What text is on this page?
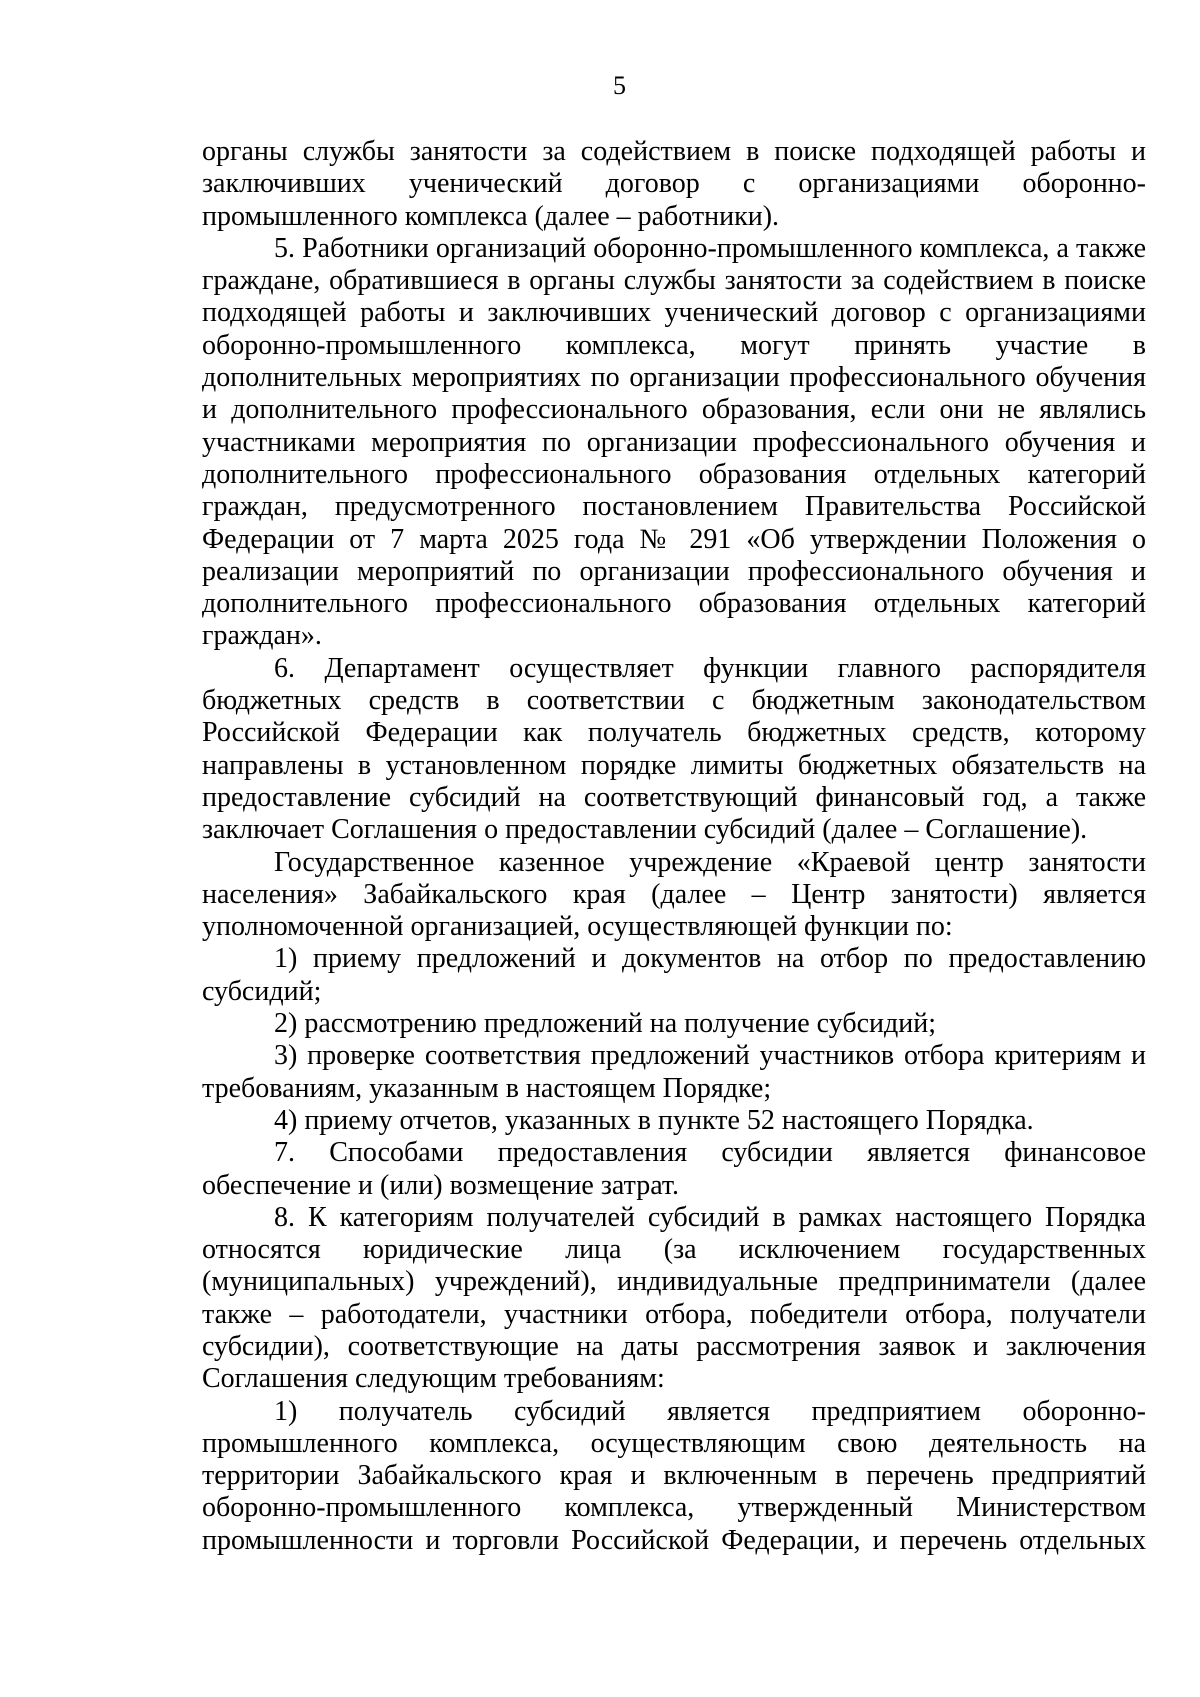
5

органы службы занятости за содействием в поиске подходящей работы и заключивших ученический договор с организациями оборонно-промышленного комплекса (далее – работники).

5. Работники организаций оборонно-промышленного комплекса, а также граждане, обратившиеся в органы службы занятости за содействием в поиске подходящей работы и заключивших ученический договор с организациями оборонно-промышленного комплекса, могут принять участие в дополнительных мероприятиях по организации профессионального обучения и дополнительного профессионального образования, если они не являлись участниками мероприятия по организации профессионального обучения и дополнительного профессионального образования отдельных категорий граждан, предусмотренного постановлением Правительства Российской Федерации от 7 марта 2025 года № 291 «Об утверждении Положения о реализации мероприятий по организации профессионального обучения и дополнительного профессионального образования отдельных категорий граждан».

6. Департамент осуществляет функции главного распорядителя бюджетных средств в соответствии с бюджетным законодательством Российской Федерации как получатель бюджетных средств, которому направлены в установленном порядке лимиты бюджетных обязательств на предоставление субсидий на соответствующий финансовый год, а также заключает Соглашения о предоставлении субсидий (далее – Соглашение).

Государственное казенное учреждение «Краевой центр занятости населения» Забайкальского края (далее – Центр занятости) является уполномоченной организацией, осуществляющей функции по:

1) приему предложений и документов на отбор по предоставлению субсидий;

2) рассмотрению предложений на получение субсидий;

3) проверке соответствия предложений участников отбора критериям и требованиям, указанным в настоящем Порядке;

4) приему отчетов, указанных в пункте 52 настоящего Порядка.

7. Способами предоставления субсидии является финансовое обеспечение и (или) возмещение затрат.

8. К категориям получателей субсидий в рамках настоящего Порядка относятся юридические лица (за исключением государственных (муниципальных) учреждений), индивидуальные предприниматели (далее также – работодатели, участники отбора, победители отбора, получатели субсидии), соответствующие на даты рассмотрения заявок и заключения Соглашения следующим требованиям:

1) получатель субсидий является предприятием оборонно-промышленного комплекса, осуществляющим свою деятельность на территории Забайкальского края и включенным в перечень предприятий оборонно-промышленного комплекса, утвержденный Министерством промышленности и торговли Российской Федерации, и перечень отдельных
